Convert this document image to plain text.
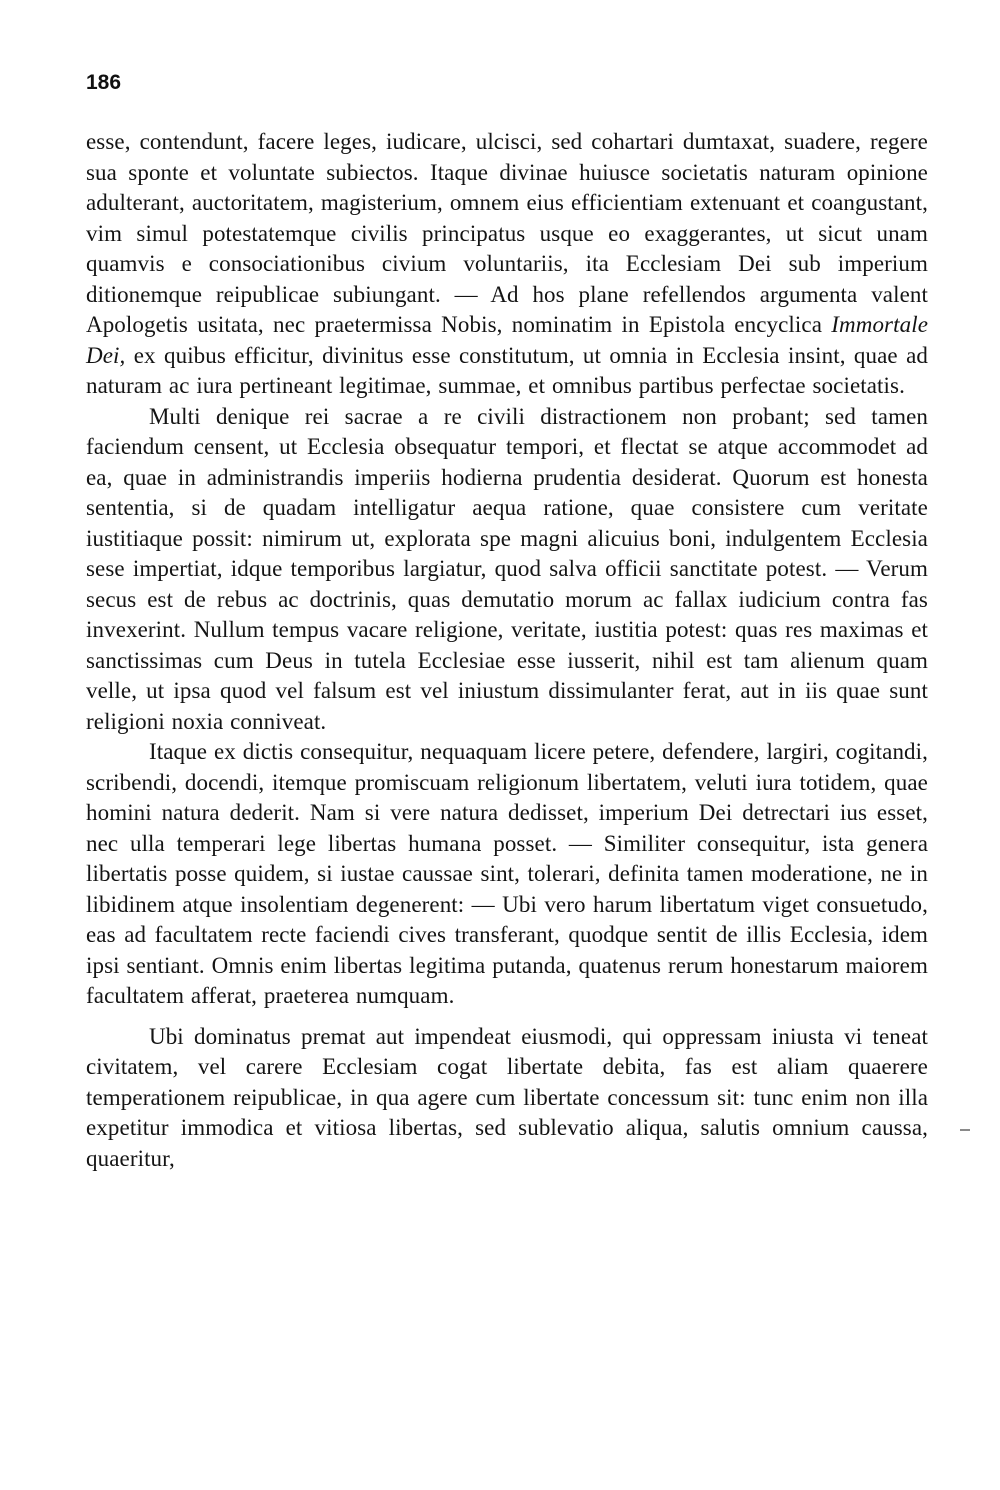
186

esse, contendunt, facere leges, iudicare, ulcisci, sed cohartari dumtaxat, suadere, regere sua sponte et voluntate subiectos. Itaque divinae huiusce societatis naturam opinione adulterant, auctoritatem, magisterium, omnem eius efficientiam extenuant et coangustant, vim simul potestatemque civilis principatus usque eo exaggerantes, ut sicut unam quamvis e consociationibus civium voluntariis, ita Ecclesiam Dei sub imperium ditionemque reipublicae subiungant. — Ad hos plane refellendos argumenta valent Apologetis usitata, nec praetermissa Nobis, nominatim in Epistola encyclica Immortale Dei, ex quibus efficitur, divinitus esse constitutum, ut omnia in Ecclesia insint, quae ad naturam ac iura pertineant legitimae, summae, et omnibus partibus perfectae societatis.

Multi denique rei sacrae a re civili distractionem non probant; sed tamen faciendum censent, ut Ecclesia obsequatur tempori, et flectat se atque accommodet ad ea, quae in administrandis imperiis hodierna prudentia desiderat. Quorum est honesta sententia, si de quadam intelligatur aequa ratione, quae consistere cum veritate iustitiaque possit: nimirum ut, explorata spe magni alicuius boni, indulgentem Ecclesia sese impertiat, idque temporibus largiatur, quod salva officii sanctitate potest. — Verum secus est de rebus ac doctrinis, quas demutatio morum ac fallax iudicium contra fas invexerint. Nullum tempus vacare religione, veritate, iustitia potest: quas res maximas et sanctissimas cum Deus in tutela Ecclesiae esse iusserit, nihil est tam alienum quam velle, ut ipsa quod vel falsum est vel iniustum dissimulanter ferat, aut in iis quae sunt religioni noxia conniveat.

Itaque ex dictis consequitur, nequaquam licere petere, defendere, largiri, cogitandi, scribendi, docendi, itemque promiscuam religionum libertatem, veluti iura totidem, quae homini natura dederit. Nam si vere natura dedisset, imperium Dei detrectari ius esset, nec ulla temperari lege libertas humana posset. — Similiter consequitur, ista genera libertatis posse quidem, si iustae caussae sint, tolerari, definita tamen moderatione, ne in libidinem atque insolentiam degenerent: — Ubi vero harum libertatum viget consuetudo, eas ad facultatem recte faciendi cives transferant, quodque sentit de illis Ecclesia, idem ipsi sentiant. Omnis enim libertas legitima putanda, quatenus rerum honestarum maiorem facultatem afferat, praeterea numquam.

Ubi dominatus premat aut impendeat eiusmodi, qui oppressam iniusta vi teneat civitatem, vel carere Ecclesiam cogat libertate debita, fas est aliam quaerere temperationem reipublicae, in qua agere cum libertate concessum sit: tunc enim non illa expetitur immodica et vitiosa libertas, sed sublevatio aliqua, salutis omnium caussa, quaeritur,
